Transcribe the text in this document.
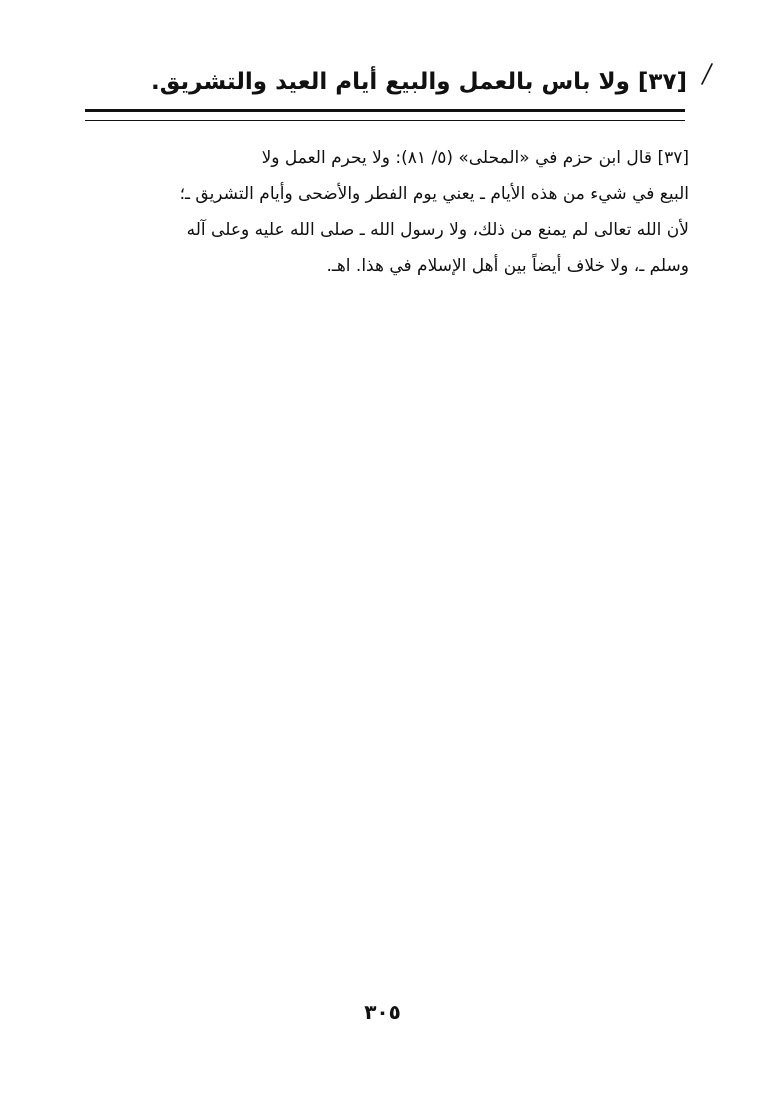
[٣٧] ولا باس بالعمل والبيع أيام العيد والتشريق.
[٣٧] قال ابن حزم في «المحلى» (٥/ ٨١): ولا يحرم العمل ولا
البيع في شيء من هذه الأيام ـ يعني يوم الفطر والأضحى وأيام التشريق ـ؛
لأن الله تعالى لم يمنع من ذلك، ولا رسول الله ـ صلى الله عليه وعلى آله
وسلم ـ، ولا خلاف أيضاً بين أهل الإسلام في هذا. اهـ.
٣٠٥
